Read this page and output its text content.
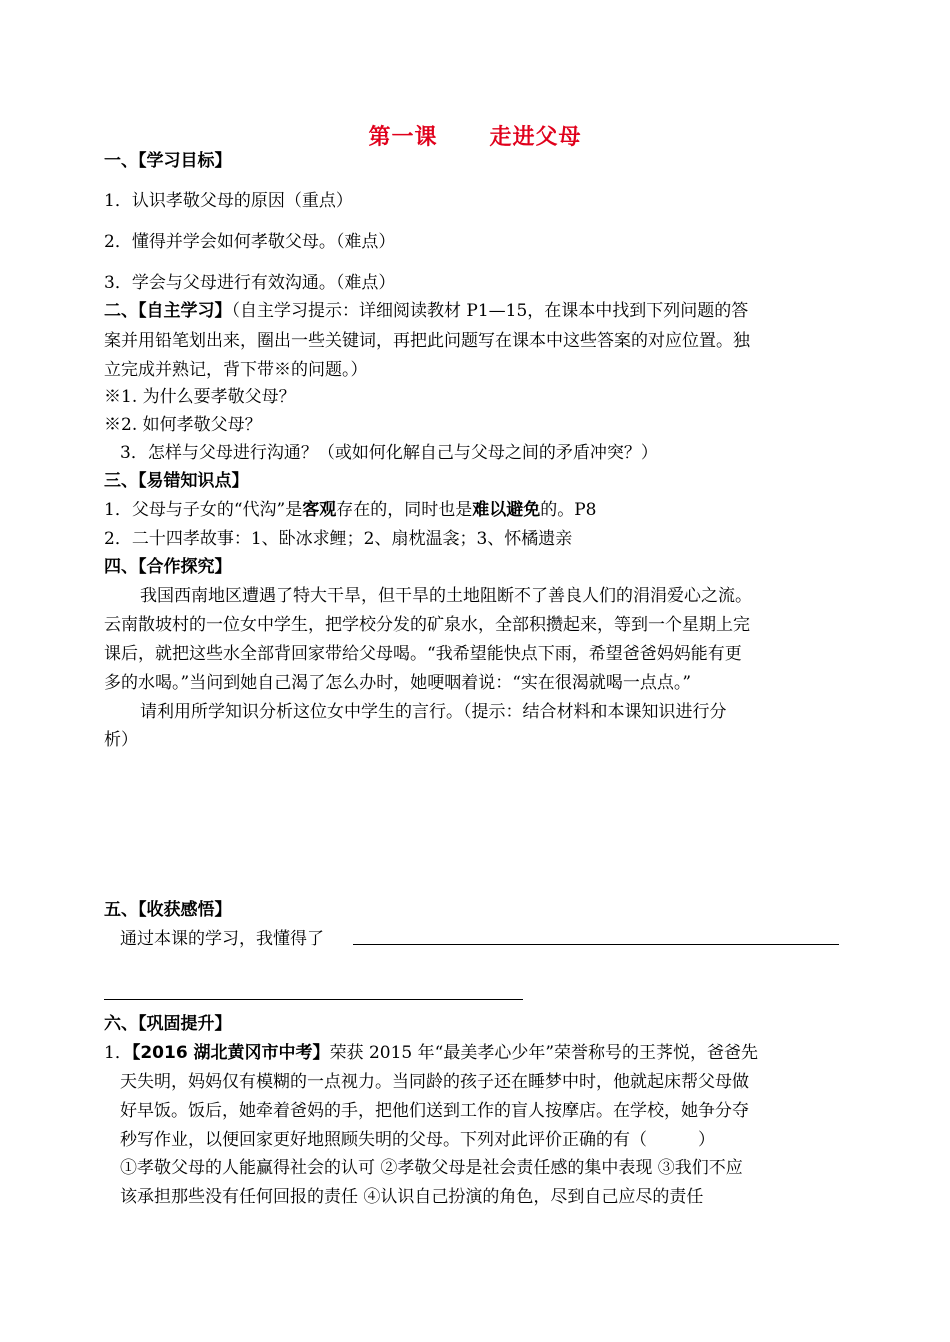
第一课 走进父母
一、【学习目标】
1．认识孝敬父母的原因（重点）
2．懂得并学会如何孝敬父母。（难点）
3．学会与父母进行有效沟通。（难点）
二、【自主学习】（自主学习提示：详细阅读教材 P1—15，在课本中找到下列问题的答
案并用铅笔划出来，圈出一些关键词，再把此问题写在课本中这些答案的对应位置。独
立完成并熟记，背下带※的问题。）
※1. 为什么要孝敬父母？
※2. 如何孝敬父母？
3．怎样与父母进行沟通？（或如何化解自己与父母之间的矛盾冲突？）
三、【易错知识点】
1．父母与子女的“代沟”是客观存在的，同时也是难以避免的。P8
2．二十四孝故事：1、卧冰求鲤；2、扇枕温衾；3、怀橘遗亲
四、【合作探究】
我国西南地区遭遇了特大干旱，但干旱的土地阻断不了善良人们的涓涓爱心之流。
云南散坡村的一位女中学生，把学校分发的矿泉水，全部积攒起来，等到一个星期上完
课后，就把这些水全部背回家带给父母喝。“我希望能快点下雨，希望爸爸妈妈能有更
多的水喝。”当问到她自己渴了怎么办时，她哽咽着说：“实在很渴就喝一点点。”
请利用所学知识分析这位女中学生的言行。（提示：结合材料和本课知识进行分
析）
五、【收获感悟】
通过本课的学习，我懂得了
六、【巩固提升】
1．【2016 湖北黄冈市中考】荣获 2015 年“最美孝心少年”荣誉称号的王荠悦，爸爸先
天失明，妈妈仅有模糊的一点视力。当同龄的孩子还在睡梦中时，他就起床帮父母做
好早饭。饭后，她牵着爸妈的手，把他们送到工作的盲人按摩店。在学校，她争分夺
秒写作业，以便回家更好地照顾失明的父母。下列对此评价正确的有（　　　）
①孝敬父母的人能赢得社会的认可 ②孝敬父母是社会责任感的集中表现 ③我们不应
该承担那些没有任何回报的责任 ④认识自己扮演的角色，尽到自己应尽的责任
